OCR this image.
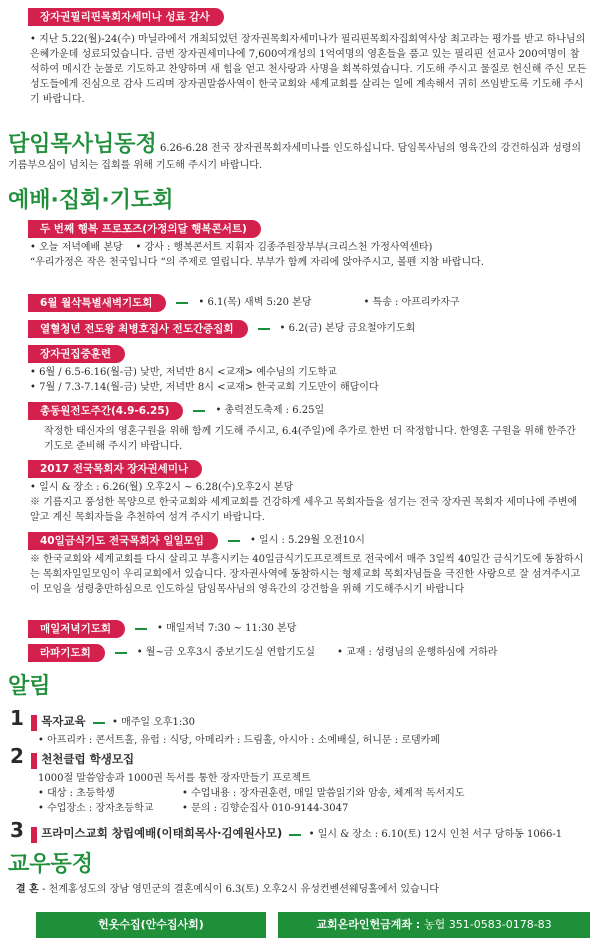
장자권필리핀목회자세미나 성료 감사
• 지난 5.22(월)-24(수) 마닐라에서 개최되었던 장자권목회자세미나가 필리핀목회자집회역사상 최고라는 평가를 받고 하나님의 은혜가운데 성료되었습니다. 금번 장자권세미나에 7,600여개성의 1억여명의 영혼들을 품고 있는 필리핀 선교사 200여명이 참석하여 메시간 눈물로 기도하고 찬양하며 새 힘을 얻고 천사랑과 사명을 회복하였습니다. 기도해 주시고 물질로 헌신해 주신 모든 성도들에게 진심으로 감사 드리며 장자권말씀사역이 한국교회와 세계교회를 살리는 일에 계속해서 귀히 쓰임받도록 기도해 주시기 바랍니다.
담임목사님동정 6.26-6.28 전국 장자권목회자세미나를 인도하십니다. 담임목사님의 영육간의 강건하심과 성령의 기름부으심이 넘치는 집회를 위해 기도해 주시기 바랍니다.
예배·집회·기도회
두 번째 행복 프로포즈(가정의달 행복콘서트)
• 오늘 저녁예배 본당 • 강사 : 행복콘서트 지휘자 김종주원장부부(크리스천 가정사역센타)
“우리가정은 작은 천국입니다 “의 주제로 열립니다. 부부가 함께 자리에 앉아주시고, 볼펜 지참 바랍니다.
6월 월삭특별새벽기도회	• 6.1(목) 새벽 5:20 본당	• 특송 : 아프리카자구
열혈청년 전도왕 최병호집사 전도간증집회	• 6.2(금) 본당 금요철야기도회
장자권집중훈련
• 6월 / 6.5-6.16(월-금) 낮반, 저녁반 8시 <교재> 예수님의 기도학교
• 7월 / 7.3-7.14(월-금) 낮반, 저녁반 8시 <교재> 한국교회 기도만이 해답이다
총동원전도주간(4.9-6.25)	• 총력전도축제 : 6.25일
작정한 태신자의 영혼구원을 위해 함께 기도해 주시고, 6.4(주일)에 추가로 한번 더 작정합니다. 한영혼 구원을 위해 한주간 기도로 준비해 주시기 바랍니다.
2017 전국목회자 장자권세미나
• 일시 & 장소 : 6.26(월) 오후2시 ~ 6.28(수)오후2시 본당
※ 기름지고 풍성한 목양으로 한국교회와 세계교회를 건강하게 세우고 목회자들을 섬기는 전국 장자권 목회자 세미나에 주변에 알고 계신 목회자들을 추천하여 섬겨 주시기 바랍니다.
40일금식기도 전국목회자 일일모임	• 일시 : 5.29월 오전10시
※ 한국교회와 세계교회를 다시 살리고 부흥시키는 40일금식기도프로젝트로 전국에서 매주 3일씩 40일간 금식기도에 동참하시는 목회자일일모임이 우리교회에서 있습니다. 장자권사역에 동참하시는 형제교회 목회자님들을 극진한 사랑으로 잘 섬겨주시고 이 모임을 성령충만하심으로 인도하실 담임목사님의 영육간의 강건함을 위해 기도해주시기 바랍니다
매일저녁기도회	• 매일저녁 7:30 ~ 11:30 본당
라파기도회	• 월~금 오후3시 중보기도실 연합기도실 • 교재 : 성령님의 운행하심에 거하라
알림
1 목자교육	• 매주일 오후1:30
• 아프리카 : 콘서트홀, 유럽 : 식당, 아메리카 : 드림홀, 아시아 : 소예배실, 허니문 : 로뎀카페
2 천천클럽 학생모집
1000절 말씀암송과 1000권 독서를 통한 장자만들기 프로젝트
• 대상 : 초등학생	• 수업내용 : 장자권훈련, 매일 말씀읽기와 암송, 체계적 독서지도
• 수업장소 : 장자초등학교	• 문의 : 김향순집사 010-9144-3047
3 프라미스교회 창립예배(이태희목사·김예원사모)	• 일시 & 장소 : 6.10(토) 12시 인천 서구 당하동 1066-1
교우동정
결 혼 - 천계홍성도의 장남 영민군의 결혼예식이 6.3(토) 오후2시 유성컨벤션웨딩홀에서 있습니다
헌옷수집(안수집사회)	교회온라인헌금계좌 : 농협 351-0583-0178-83
